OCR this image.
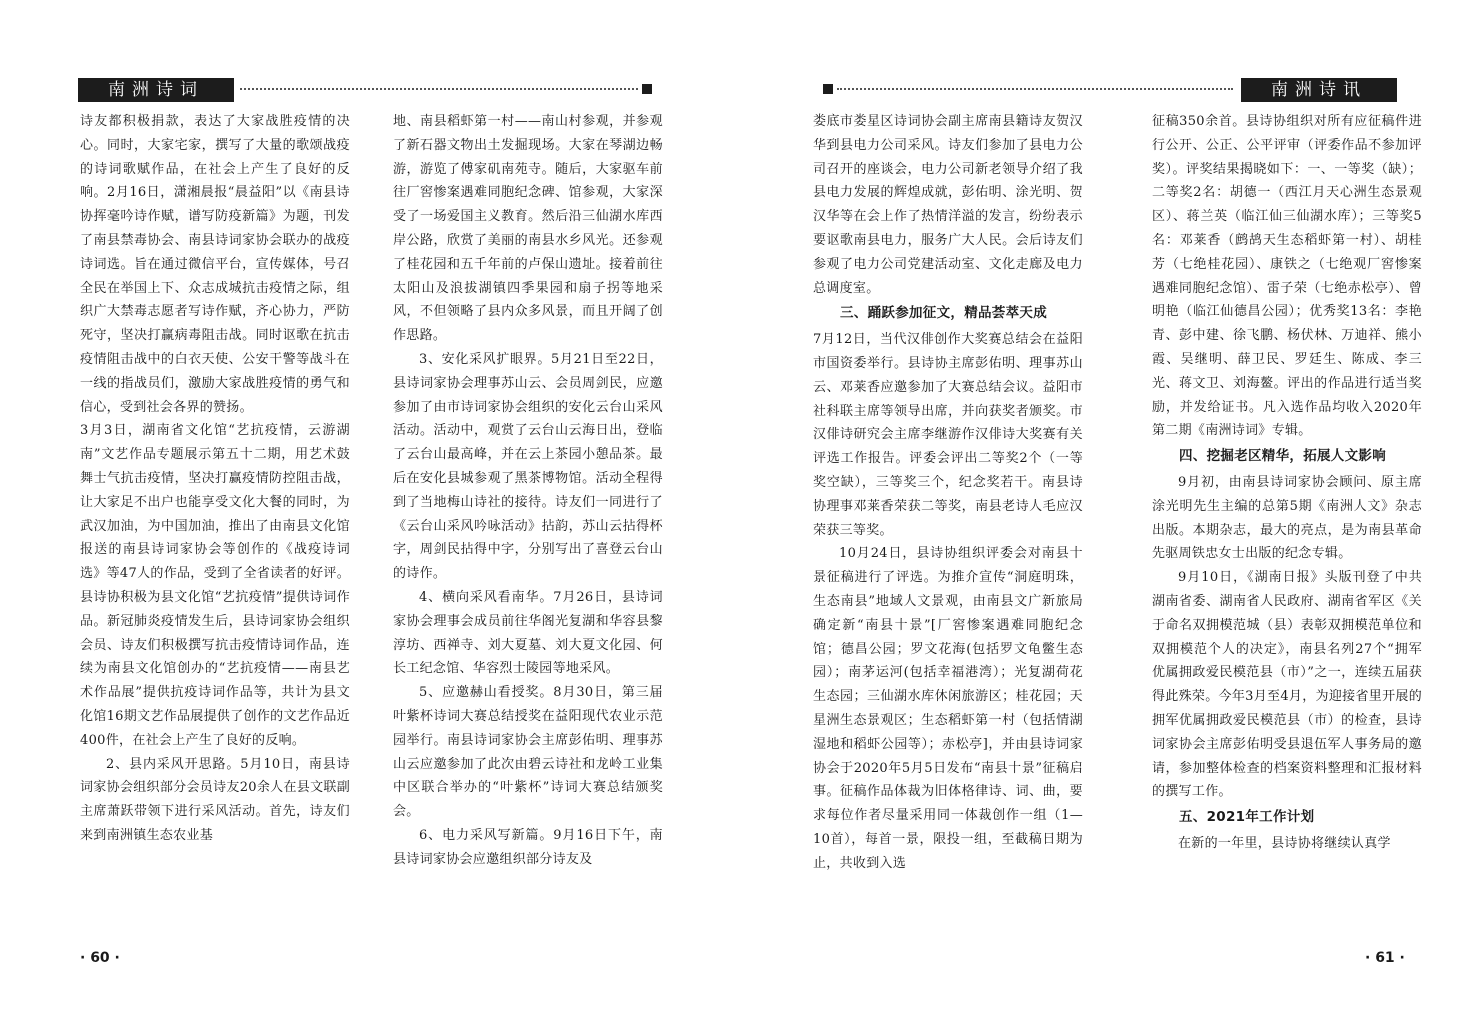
南洲诗词

诗友都积极捐款，表达了大家战胜疫情的决心。同时，大家宅家，撰写了大量的歌颂战疫的诗词歌赋作品，在社会上产生了良好的反响。2月16日，潇湘晨报“晨益阳”以《南县诗协挥毫吟诗作赋，谱写防疫新篇》为题，刊发了南县禁毒协会、南县诗词家协会联办的战疫诗词选。旨在通过微信平台，宣传媒体，号召全民在举国上下、众志成城抗击疫情之际，组织广大禁毒志愿者写诗作赋，齐心协力，严防死守，坚决打赢病毒阻击战。同时讴歌在抗击疫情阻击战中的白衣天使、公安干警等战斗在一线的指战员们，激励大家战胜疫情的勇气和信心，受到社会各界的赞扬。

3月3日，湖南省文化馆“艺抗疫情，云游湖南”文艺作品专题展示第五十二期，用艺术鼓舞士气抗击疫情，坚决打赢疫情防控阻击战，让大家足不出户也能享受文化大餐的同时，为武汉加油，为中国加油，推出了由南县文化馆报送的南县诗词家协会等创作的《战疫诗词选》等47人的作品，受到了全省读者的好评。县诗协积极为县文化馆“艺抗疫情”提供诗词作品。新冠肺炎疫情发生后，县诗词家协会组织会员、诗友们积极撰写抗击疫情诗词作品，连续为南县文化馆创办的“艺抗疫情——南县艺术作品展”提供抗疫诗词作品等，共计为县文化馆16期文艺作品展提供了创作的文艺作品近400件，在社会上产生了良好的反响。

2、县内采风开思路。5月10日，南县诗词家协会组织部分会员诗友20余人在县文联副主席萧跃带领下进行采风活动。首先，诗友们来到南洲镇生态农业基

地、南县稻虾第一村——南山村参观，并参观了新石器文物出土发掘现场。大家在琴湖边畅游，游览了傅家矶南苑寺。随后，大家驱车前往厂窖惨案遇难同胞纪念碑、馆参观，大家深受了一场爱国主义教育。然后沿三仙湖水库西岸公路，欣赏了美丽的南县水乡风光。还参观了桂花园和五千年前的卢保山遗址。接着前往太阳山及浪拔湖镇四季果园和扇子拐等地采风，不但领略了县内众多风景，而且开阔了创作思路。

3、安化采风扩眼界。5月21日至22日，县诗词家协会理事苏山云、会员周剑民，应邀参加了由市诗词家协会组织的安化云台山采风活动。活动中，观赏了云台山云海日出，登临了云台山最高峰，并在云上茶园小憩品茶。最后在安化县城参观了黑茶博物馆。活动全程得到了当地梅山诗社的接待。诗友们一同进行了《云台山采风吟咏活动》拈韵，苏山云拈得杯字，周剑民拈得中字，分别写出了喜登云台山的诗作。

4、横向采风看南华。7月26日，县诗词家协会理事会成员前往华阁光复湖和华容县黎淳坊、西禅寺、刘大夏墓、刘大夏文化园、何长工纪念馆、华容烈士陵园等地采风。

5、应邀赫山看授奖。8月30日，第三届叶紫杯诗词大赛总结授奖在益阳现代农业示范园举行。南县诗词家协会主席彭佑明、理事苏山云应邀参加了此次由碧云诗社和龙岭工业集中区联合举办的“叶紫杯”诗词大赛总结颁奖会。

6、电力采风写新篇。9月16日下午，南县诗词家协会应邀组织部分诗友及

· 60 ·
南洲诗讯

娄底市娄星区诗词协会副主席南县籍诗友贺汉华到县电力公司采风。诗友们参加了县电力公司召开的座谈会，电力公司新老领导介绍了我县电力发展的辉煌成就，彭佑明、涂光明、贺汉华等在会上作了热情洋溢的发言，纷纷表示要讴歌南县电力，服务广大人民。会后诗友们参观了电力公司党建活动室、文化走廊及电力总调度室。

三、踊跃参加征文，精品荟萃天成

7月12日，当代汉俳创作大奖赛总结会在益阳市国资委举行。县诗协主席彭佑明、理事苏山云、邓莱香应邀参加了大赛总结会议。益阳市社科联主席等领导出席，并向获奖者颁奖。市汉俳诗研究会主席李继游作汉俳诗大奖赛有关评选工作报告。评委会评出二等奖2个（一等奖空缺），三等奖三个，纪念奖若干。南县诗协理事邓莱香荣获二等奖，南县老诗人毛应汉荣获三等奖。

10月24日，县诗协组织评委会对南县十景征稿进行了评选。为推介宣传“洞庭明珠，生态南县”地域人文景观，由南县文广新旅局确定新“南县十景”[厂窖惨案遇难同胞纪念馆；德昌公园；罗文花海(包括罗文龟鳖生态园）；南茅运河(包括幸福港湾）；光复湖荷花生态园；三仙湖水库休闲旅游区；桂花园；天星洲生态景观区；生态稻虾第一村（包括情湖湿地和稻虾公园等）；赤松亭]，并由县诗词家协会于2020年5月5日发布“南县十景”征稿启事。征稿作品体裁为旧体格律诗、词、曲，要求每位作者尽量采用同一体裁创作一组（1—10首），每首一景，限投一组，至截稿日期为止，共收到入选

征稿350余首。县诗协组织对所有应征稿件进行公开、公正、公平评审（评委作品不参加评奖）。评奖结果揭晓如下：一、一等奖（缺）；二等奖2名：胡德一（西江月天心洲生态景观区）、蒋兰英（临江仙三仙湖水库）；三等奖5名：邓莱香（鹧鸪天生态稻虾第一村）、胡桂芳（七绝桂花园）、康铁之（七绝观厂窖惨案遇难同胞纪念馆）、雷子荣（七绝赤松亭）、曾明艳（临江仙德昌公园）；优秀奖13名：李艳青、彭中建、徐飞鹏、杨伏林、万迪祥、熊小霞、吴继明、薛卫民、罗廷生、陈成、李三光、蒋文卫、刘海鳌。评出的作品进行适当奖励，并发给证书。凡入选作品均收入2020年第二期《南洲诗词》专辑。

四、挖掘老区精华，拓展人文影响

9月初，由南县诗词家协会顾问、原主席涂光明先生主编的总第5期《南洲人文》杂志出版。本期杂志，最大的亮点，是为南县革命先驱周铁忠女士出版的纪念专辑。

9月10日，《湖南日报》头版刊登了中共湖南省委、湖南省人民政府、湖南省军区《关于命名双拥模范城（县）表彰双拥模范单位和双拥模范个人的决定》，南县名列27个“拥军优属拥政爱民模范县（市）”之一，连续五届获得此殊荣。今年3月至4月，为迎接省里开展的拥军优属拥政爱民模范县（市）的检查，县诗词家协会主席彭佑明受县退伍军人事务局的邀请，参加整体检查的档案资料整理和汇报材料的撰写工作。

五、2021年工作计划

在新的一年里，县诗协将继续认真学

· 61 ·
